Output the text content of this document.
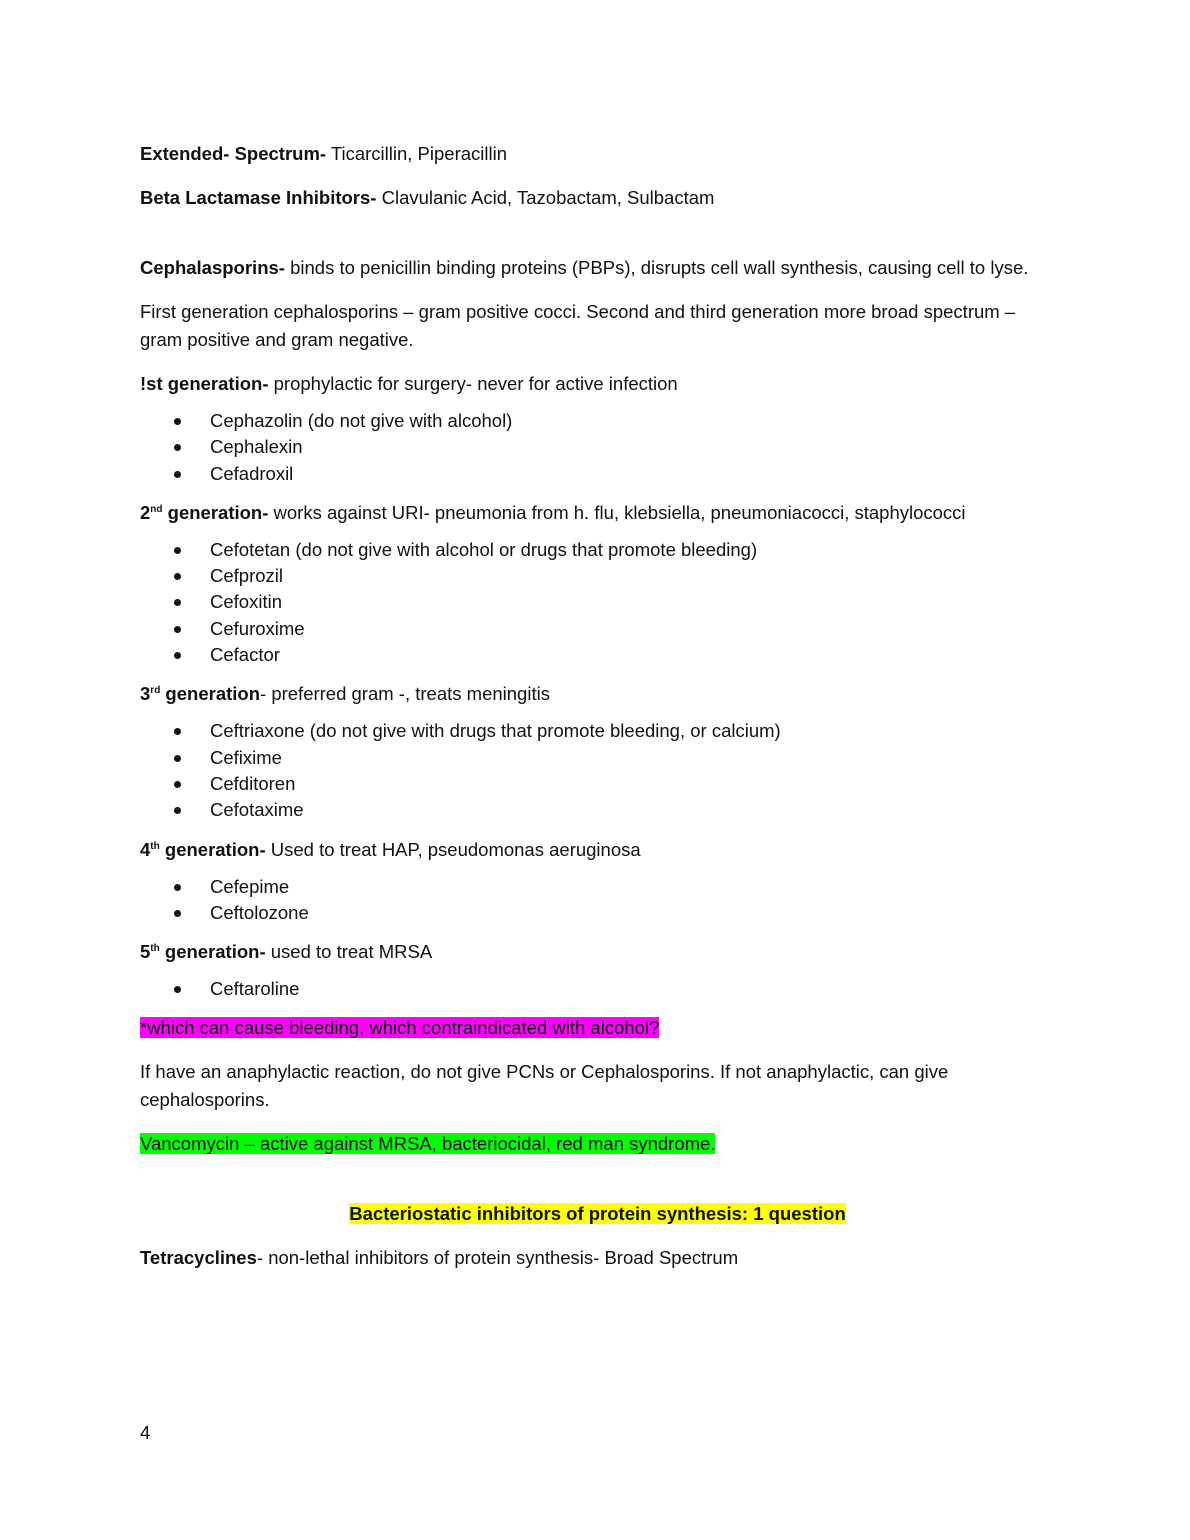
Extended- Spectrum- Ticarcillin, Piperacillin

Beta Lactamase Inhibitors- Clavulanic Acid, Tazobactam, Sulbactam

Cephalasporins- binds to penicillin binding proteins (PBPs), disrupts cell wall synthesis, causing cell to lyse.

First generation cephalosporins – gram positive cocci. Second and third generation more broad spectrum – gram positive and gram negative.

!st generation- prophylactic for surgery- never for active infection

Cephazolin (do not give with alcohol)
Cephalexin
Cefadroxil

2nd generation- works against URI- pneumonia from h. flu, klebsiella, pneumoniacocci, staphylococci

Cefotetan (do not give with alcohol or drugs that promote bleeding)
Cefprozil
Cefoxitin
Cefuroxime
Cefactor

3rd generation- preferred gram -, treats meningitis

Ceftriaxone (do not give with drugs that promote bleeding, or calcium)
Cefixime
Cefditoren
Cefotaxime

4th generation- Used to treat HAP, pseudomonas aeruginosa

Cefepime
Ceftolozone

5th generation- used to treat MRSA

Ceftaroline

*which can cause bleeding, which contraindicated with alcohol?

If have an anaphylactic reaction, do not give PCNs or Cephalosporins. If not anaphylactic, can give cephalosporins.

Vancomycin – active against MRSA, bacteriocidal, red man syndrome.

Bacteriostatic inhibitors of protein synthesis: 1 question

Tetracyclines- non-lethal inhibitors of protein synthesis- Broad Spectrum

4
